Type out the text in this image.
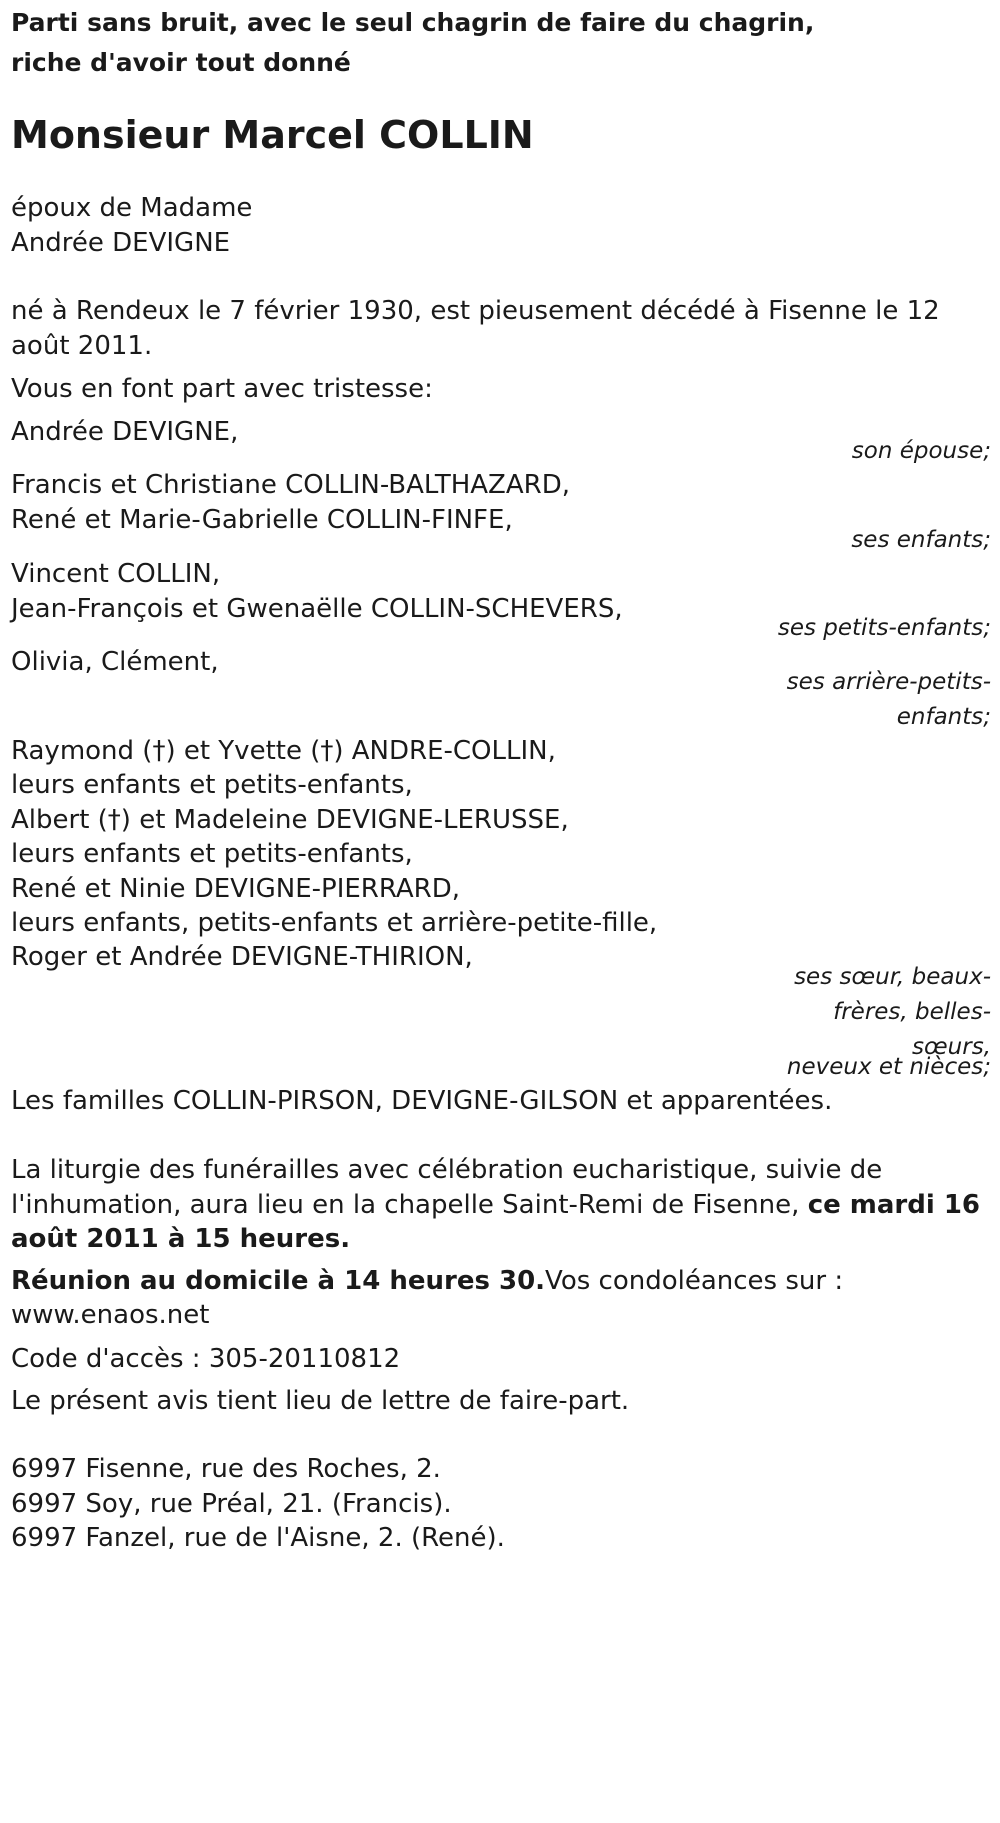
Parti sans bruit, avec le seul chagrin de faire du chagrin,
riche d'avoir tout donné
Monsieur Marcel COLLIN
époux de Madame
Andrée DEVIGNE
né à Rendeux le 7 février 1930, est pieusement décédé à Fisenne le 12
août 2011.
Vous en font part avec tristesse:
Andrée DEVIGNE,
son épouse;
Francis et Christiane COLLIN-BALTHAZARD,
René et Marie-Gabrielle COLLIN-FINFE,
ses enfants;
Vincent COLLIN,
Jean-François et Gwenaëlle COLLIN-SCHEVERS,
ses petits-enfants;
Olivia, Clément,
ses arrière-petits-
enfants;
Raymond (†) et Yvette (†) ANDRE-COLLIN,
leurs enfants et petits-enfants,
Albert (†) et Madeleine DEVIGNE-LERUSSE,
leurs enfants et petits-enfants,
René et Ninie DEVIGNE-PIERRARD,
leurs enfants, petits-enfants et arrière-petite-fille,
Roger et Andrée DEVIGNE-THIRION,
ses sœur, beaux-
frères, belles-
sœurs,
neveux et nièces;
Les familles COLLIN-PIRSON, DEVIGNE-GILSON et apparentées.
La liturgie des funérailles avec célébration eucharistique, suivie de
l'inhumation, aura lieu en la chapelle Saint-Remi de Fisenne, ce mardi 16
août 2011 à 15 heures.
Réunion au domicile à 14 heures 30.Vos condoléances sur :
www.enaos.net
Code d'accès : 305-20110812
Le présent avis tient lieu de lettre de faire-part.
6997 Fisenne, rue des Roches, 2.
6997 Soy, rue Préal, 21. (Francis).
6997 Fanzel, rue de l'Aisne, 2. (René).
